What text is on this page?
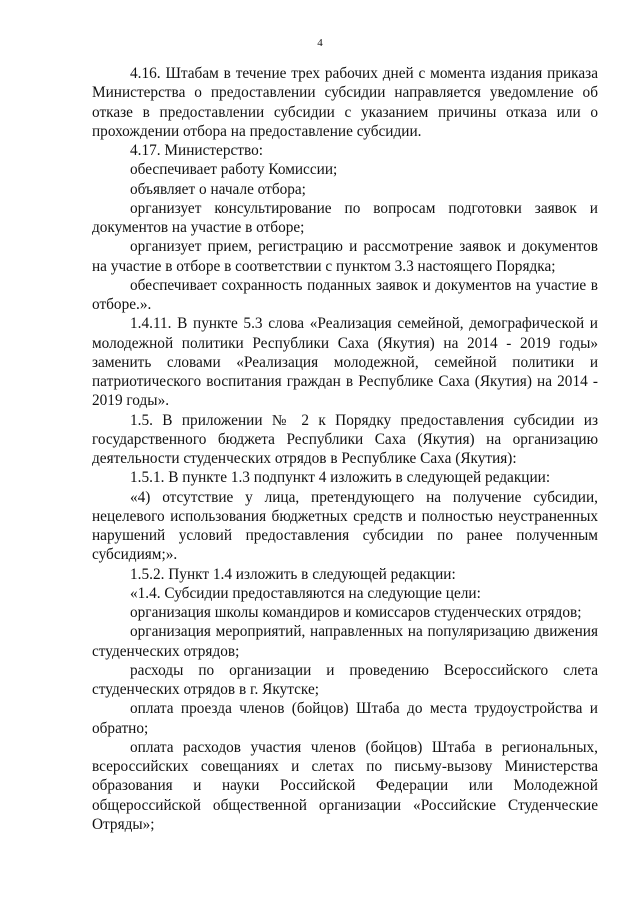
4

4.16. Штабам в течение трех рабочих дней с момента издания приказа Министерства о предоставлении субсидии направляется уведомление об отказе в предоставлении субсидии с указанием причины отказа или о прохождении отбора на предоставление субсидии.

4.17. Министерство:

обеспечивает работу Комиссии;

объявляет о начале отбора;

организует консультирование по вопросам подготовки заявок и документов на участие в отборе;

организует прием, регистрацию и рассмотрение заявок и документов на участие в отборе в соответствии с пунктом 3.3 настоящего Порядка;

обеспечивает сохранность поданных заявок и документов на участие в отборе.».

1.4.11. В пункте 5.3 слова «Реализация семейной, демографической и молодежной политики Республики Саха (Якутия) на 2014 - 2019 годы» заменить словами «Реализация молодежной, семейной политики и патриотического воспитания граждан в Республике Саха (Якутия) на 2014 - 2019 годы».

1.5. В приложении № 2 к Порядку предоставления субсидии из государственного бюджета Республики Саха (Якутия) на организацию деятельности студенческих отрядов в Республике Саха (Якутия):

1.5.1. В пункте 1.3 подпункт 4 изложить в следующей редакции:

«4) отсутствие у лица, претендующего на получение субсидии, нецелевого использования бюджетных средств и полностью неустраненных нарушений условий предоставления субсидии по ранее полученным субсидиям;».

1.5.2. Пункт 1.4 изложить в следующей редакции:

«1.4. Субсидии предоставляются на следующие цели:

организация школы командиров и комиссаров студенческих отрядов;

организация мероприятий, направленных на популяризацию движения студенческих отрядов;

расходы по организации и проведению Всероссийского слета студенческих отрядов в г. Якутске;

оплата проезда членов (бойцов) Штаба до места трудоустройства и обратно;

оплата расходов участия членов (бойцов) Штаба в региональных, всероссийских совещаниях и слетах по письму-вызову Министерства образования и науки Российской Федерации или Молодежной общероссийской общественной организации «Российские Студенческие Отряды»;
